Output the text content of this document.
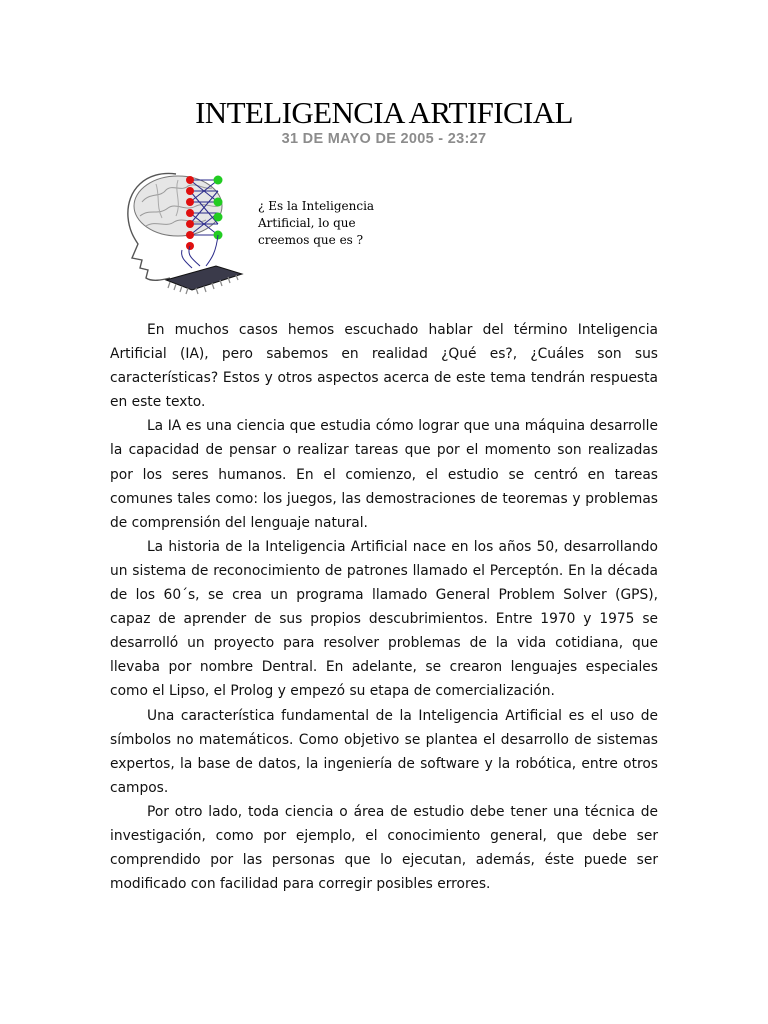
INTELIGENCIA ARTIFICIAL
31 DE MAYO DE 2005 - 23:27
¿ Es la Inteligencia
Artificial, lo que
creemos que es ?

En muchos casos hemos escuchado hablar del término Inteligencia Artificial (IA), pero sabemos en realidad ¿Qué es?, ¿Cuáles son sus características? Estos y otros aspectos acerca de este tema tendrán respuesta en este texto.

La IA es una ciencia que estudia cómo lograr que una máquina desarrolle la capacidad de pensar o realizar tareas que por el momento son realizadas por los seres humanos. En el comienzo, el estudio se centró en tareas comunes tales como: los juegos, las demostraciones de teoremas y problemas de comprensión del lenguaje natural.

La historia de la Inteligencia Artificial nace en los años 50, desarrollando un sistema de reconocimiento de patrones llamado el Perceptón. En la década de los 60´s, se crea un programa llamado General Problem Solver (GPS), capaz de aprender de sus propios descubrimientos. Entre 1970 y 1975 se desarrolló un proyecto para resolver problemas de la vida cotidiana, que llevaba por nombre Dentral. En adelante, se crearon lenguajes especiales como el Lipso, el Prolog y empezó su etapa de comercialización.

Una característica fundamental de la Inteligencia Artificial es el uso de símbolos no matemáticos. Como objetivo se plantea el desarrollo de sistemas expertos, la base de datos, la ingeniería de software y la robótica, entre otros campos.

Por otro lado, toda ciencia o área de estudio debe tener una técnica de investigación, como por ejemplo, el conocimiento general, que debe ser comprendido por las personas que lo ejecutan, además, éste puede ser modificado con facilidad para corregir posibles errores.
